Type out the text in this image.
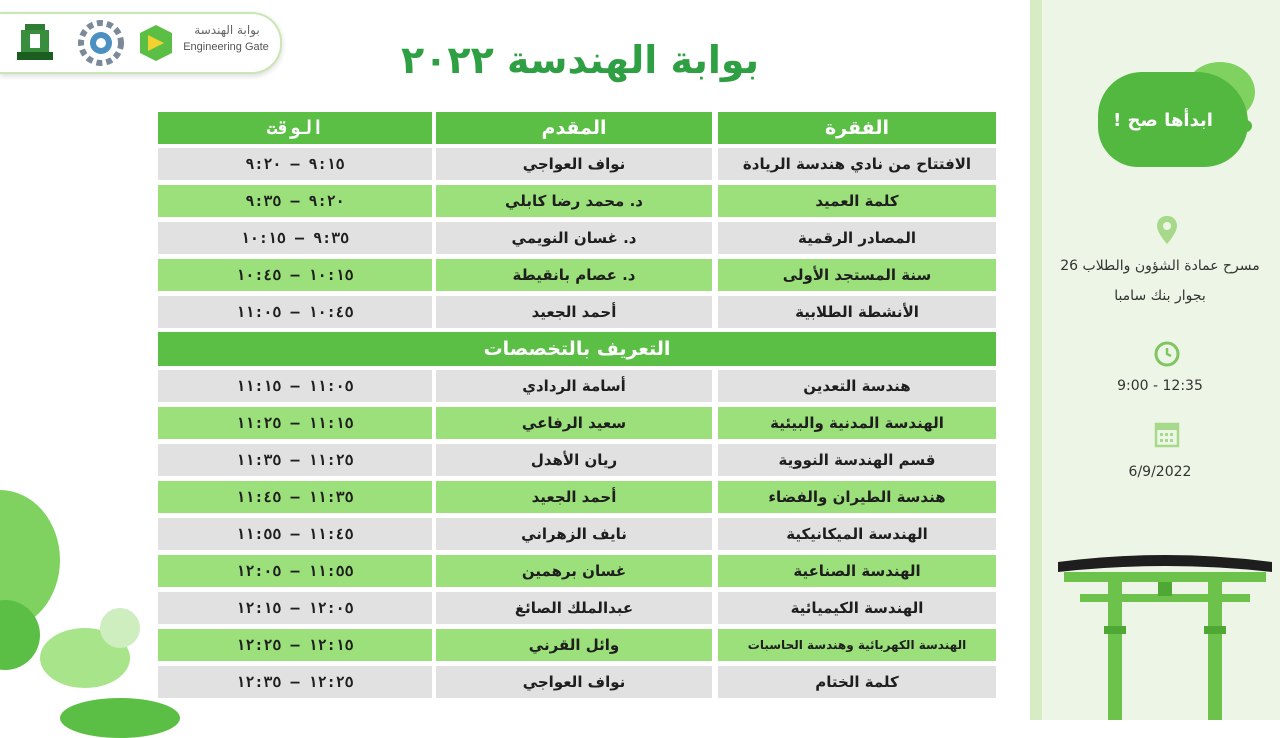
بوابة الهندسة
Engineering Gate	بوابة الهندسة ٢٠٢٢
الفقرة
المقدم
الوقت
الافتتاح من نادي هندسة الريادة
نواف العواجي
٩:١٥ – ٩:٢٠
كلمة العميد
د. محمد رضا كابلي
٩:٢٠ – ٩:٣٥
المصادر الرقمية
د. غسان النويمي
٩:٣٥ – ١٠:١٥
سنة المستجد الأولى
د. عصام بانقيطة
١٠:١٥ – ١٠:٤٥
الأنشطة الطلابية
أحمد الجعيد
١٠:٤٥ – ١١:٠٥
التعريف بالتخصصات
هندسة التعدين
أسامة الردادي
١١:٠٥ – ١١:١٥
الهندسة المدنية والبيئية
سعيد الرفاعي
١١:١٥ – ١١:٢٥
قسم الهندسة النووية
ريان الأهدل
١١:٢٥ – ١١:٣٥
هندسة الطيران والفضاء
أحمد الجعيد
١١:٣٥ – ١١:٤٥
الهندسة الميكانيكية
نايف الزهراني
١١:٤٥ – ١١:٥٥
الهندسة الصناعية
غسان برهمين
١١:٥٥ – ١٢:٠٥
الهندسة الكيميائية
عبدالملك الصائغ
١٢:٠٥ – ١٢:١٥
الهندسة الكهربائية وهندسة الحاسبات
وائل القرني
١٢:١٥ – ١٢:٢٥
كلمة الختام
نواف العواجي
١٢:٢٥ – ١٢:٣٥
ابدأها صح !
مسرح عمادة الشؤون والطلاب 26
بجوار بنك سامبا
9:00 - 12:35
6/9/2022
